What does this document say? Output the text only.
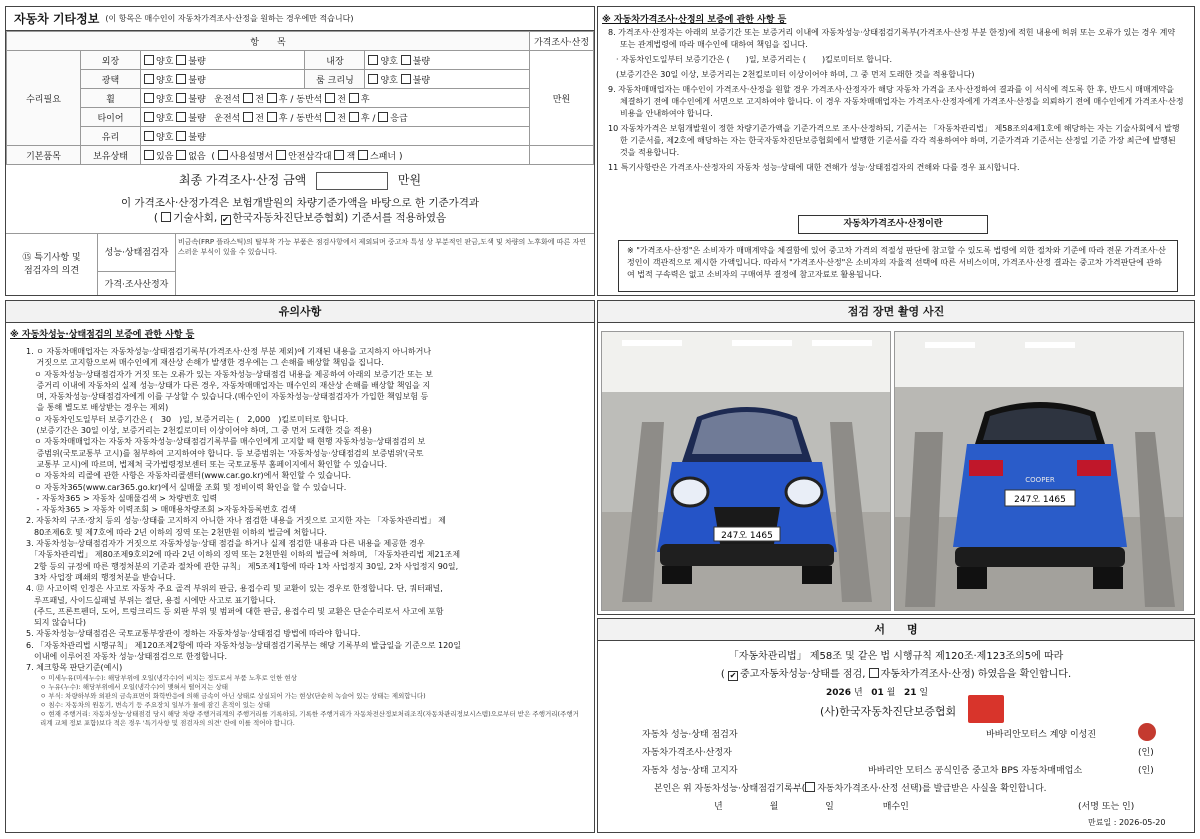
자동차 기타정보 (이 항목은 매수인이 자동차가격조사·산정을 원하는 경우에만 적습니다)
항　　목					가격조사·산정
수리필요	외장	양호 불량	내장	양호 불량	만원
	광택	양호 불량	룸 크리닝	양호 불량	
	휠	양호 불량 운전석 전 후 / 동반석 전 후			
	타이어	양호 불량 운전석 전 후 / 동반석 전 후 / 응급			
	유리	양호 불량			
기본품목	보유상태	있음 없음  ( 사용설명서 안전삼각대 잭 스패너 )			
최종 가격조사·산정 금액	만원
이 가격조사·산정가격은 보험개발원의 차량기준가액을 바탕으로 한 기준가격과
( 기술사회, ✔ 한국자동차진단보증협회) 기준서를 적용하였음
⑮ 특기사항 및
점검자의 의견
성능·상태점검자
비금속(FRP 플라스틱)의 탈부착 가능 부품은 점검사항에서 제외되며 중고차 특성 상 부분적인 판금,도색 및 차량의 노후화에 따른 자연스러운 부식이 있을 수 있습니다.
가격·조사산정자
※ 자동차가격조사·산정의 보증에 관한 사항 등
8. 가격조사·산정자는 아래의 보증기간 또는 보증거리 이내에 자동차성능·상태점검기록부(가격조사·산정 부분 한정)에 적힌 내용에 허위 또는 오류가 있는 경우 계약 또는 관계법령에 따라 매수인에 대하여 책임을 집니다.
· 자동차인도일부터 보증기간은 (　　)일, 보증거리는 (　　)킬로미터로 합니다.
(보증기간은 30일 이상, 보증거리는 2천킬로미터 이상이어야 하며, 그 중 먼저 도래한 것을 적용합니다)
9. 자동차매매업자는 매수인이 가격조사·산정을 원할 경우 가격조사·산정자가 해당 자동차 가격을 조사·산정하여 결과를 이 서식에 적도록 한 후, 반드시 매매계약을 체결하기 전에 매수인에게 서면으로 고지하여야 합니다. 이 경우 자동차매매업자는 가격조사·산정자에게 가격조사·산정을 의뢰하기 전에 매수인에게 가격조사·산정 비용을 안내하여야 합니다.
10 자동차가격은 보험개발원이 정한 차량기준가액을 기준가격으로 조사·산정하되, 기준서는 「자동차관리법」 제58조의4제1호에 해당하는 자는 기술사회에서 발행한 기준서를, 제2호에 해당하는 자는 한국자동차진단보증협회에서 발행한 기준서를 각각 적용하여야 하며, 기준가격과 기준서는 산정일 기준 가장 최근에 발행된 것을 적용합니다.
11 특기사항란은 가격조사·산정자의 자동차 성능·상태에 대한 견해가 성능·상태점검자의 견해와 다를 경우 표시합니다.
자동차가격조사·산정이란
※ "가격조사·산정"은 소비자가 매매계약을 체결함에 있어 중고차 가격의 적절성 판단에 참고할 수 있도록 법령에 의한 절차와 기준에 따라 전문 가격조사·산정인이 객관적으로 제시한 가액입니다. 따라서 "가격조사·산정"은 소비자의 자율적 선택에 따른 서비스이며, 가격조사·산정 결과는 중고차 가격판단에 관하여 법적 구속력은 없고 소비자의 구매여부 결정에 참고자료로 활용됩니다.
유의사항
※ 자동차성능·상태점검의 보증에 관한 사항 등

1. ㅇ 자동차매매업자는 자동차성능·상태점검기록부(가격조사·산정 부분 제외)에 기재된 내용을 고지하지 아니하거나

　 거짓으로 고지함으로써 매수인에게 재산상 손해가 발생한 경우에는 그 손해를 배상할 책임을 집니다.

　ㅇ 자동차성능·상태점검자가 거짓 또는 오류가 있는 자동차성능·상태점검 내용을 제공하여 아래의 보증기간 또는 보

　 증거리 이내에 자동차의 실제 성능·상태가 다른 경우, 자동차매매업자는 매수인의 재산상 손해를 배상할 책임을 지

　 며, 자동차성능·상태점검자에게 이를 구상할 수 있습니다.(매수인이 자동차성능·상태점검자가 가입한 책임보험 등

　 을 통해 별도로 배상받는 경우는 제외)

　ㅇ 자동차인도일부터 보증기간은 (　30　)일, 보증거리는 (　2,000　)킬로미터로 합니다.

　 (보증기간은 30일 이상, 보증거리는 2천킬로미터 이상이어야 하며, 그 중 먼저 도래한 것을 적용)

　ㅇ 자동차매매업자는 자동차 자동차성능·상태점검기록부를 매수인에게 고지할 때 현행 자동차성능·상태점검의 보

　 증범위(국토교통부 고시)를 첨부하여 고지하여야 합니다. 등 보증범위는 '자동차성능·상태점검의 보증범위'(국토

　 교통부 고시)에 따르며, 법제처 국가법령정보센터 또는 국토교통부 홈페이지에서 확인할 수 있습니다.

　ㅇ 자동차의 리콜에 관한 사항은 자동차리콜센터(www.car.go.kr)에서 확인할 수 있습니다.

　ㅇ 자동차365(www.car365.go.kr)에서 실매물 조회 및 정비이력 확인을 할 수 있습니다.

　 - 자동차365 > 자동차 실매물검색 > 차량번호 입력

　 - 자동차365 > 자동차 이력조회 > 매매용차량조회 >자동차등록번호 검색

2. 자동차의 구조·장치 등의 성능·상태를 고지하지 아니한 자나 점검한 내용을 거짓으로 고지한 자는 「자동차관리법」 제

　80조제6호 및 제7호에 따라 2년 이하의 징역 또는 2천만원 이하의 벌금에 처합니다.

3. 자동차성능·상태점검자가 거짓으로 자동차성능·상태 점검을 하거나 실제 점검한 내용과 다른 내용을 제공한 경우

　「자동차관리법」 제80조제9호의2에 따라 2년 이하의 징역 또는 2천만원 이하의 벌금에 처하며, 「자동차관리법 제21조제

　2항 등의 규정에 따른 행정처분의 기준과 절차에 관한 규칙」 제5조제1항에 따라 1차 사업정지 30일, 2차 사업정지 90일,

　3차 사업장 폐쇄의 행정처분을 받습니다.

4. ⑫ 사고이력 인정은 사고로 자동차 주요 골격 부위의 판금, 용접수리 및 교환이 있는 경우로 한정합니다. 단, 쿼터패널,

　루프패널, 사이드실패널 부위는 절단, 용접 시에만 사고로 표기합니다.

　(주드, 프론트펜더, 도어, 트렁크리드 등 외판 부위 및 범퍼에 대한 판금, 용접수리 및 교환은 단순수리로서 사고에 포함

　되지 않습니다)

5. 자동차성능·상태점검은 국토교통부장관이 정하는 자동차성능·상태점검 방법에 따라야 합니다.

6. 「자동차관리법 시행규칙」 제120조제2항에 따라 자동차성능·상태점검기록부는 해당 기록부의 발급일을 기준으로 120일

　이내에 이루어진 자동차 성능·상태점검으로 한정합니다.

7. 체크항목 판단기준(예시)

ㅇ 미세누유(미세누수): 해당부위에 오일(냉각수)이 비치는 정도로서 부품 노후로 인한 현상

ㅇ 누유(누수): 해당부위에서 오일(냉각수)이 맺혀서 떨어지는 상태

ㅇ 부식: 차량하부와 외판의 금속표면이 화학반응에 의해 금속이 아닌 상태로 상실되어 가는 현상(단순히 녹슬어 있는 상태는 제외합니다)

ㅇ 침수: 자동차의 원동기, 변속기 등 주요장치 일부가 물에 잠긴 흔적이 있는 상태

ㅇ 현재 주행거리: 자동차성능·상태점검 당시 해당 차량 주행거리계의 주행거리를 기록하되, 기록한 주행거리가 자동차전산정보처리조직(자동차관리정보시스템)으로부터 받은 주행거리(주행거리계 교체 정보 포함)보다 적은 경우 '특기사항 및 점검자의 의견' 란에 이를 적어야 합니다.

점검 장면 촬영 사진
247오 1465
COOPER
247오 1465
서　　명
「자동차관리법」 제58조 및 같은 법 시행규칙 제120조·제123조의5에 따라
( ✔ 중고자동차성능·상태를 점검, 자동차가격조사·산정) 하였음을 확인합니다.
2026 년 01 월 21 일
(사)한국자동차진단보증협회
자동차 성능·상태 점검자	바바리안모터스 계양 이성진
자동차가격조사·산정자	(인)
자동차 성능·상태 고지자	바바리안 모터스 공식인증 중고차 BPS 자동차매매업소	(인)
본인은 위 자동차성능·상태점검기록부( 자동차가격조사·산정 선택)를 발급받은 사실을 확인합니다.
년	월	일	매수인	(서명 또는 인)
만료일 : 2026-05-20
